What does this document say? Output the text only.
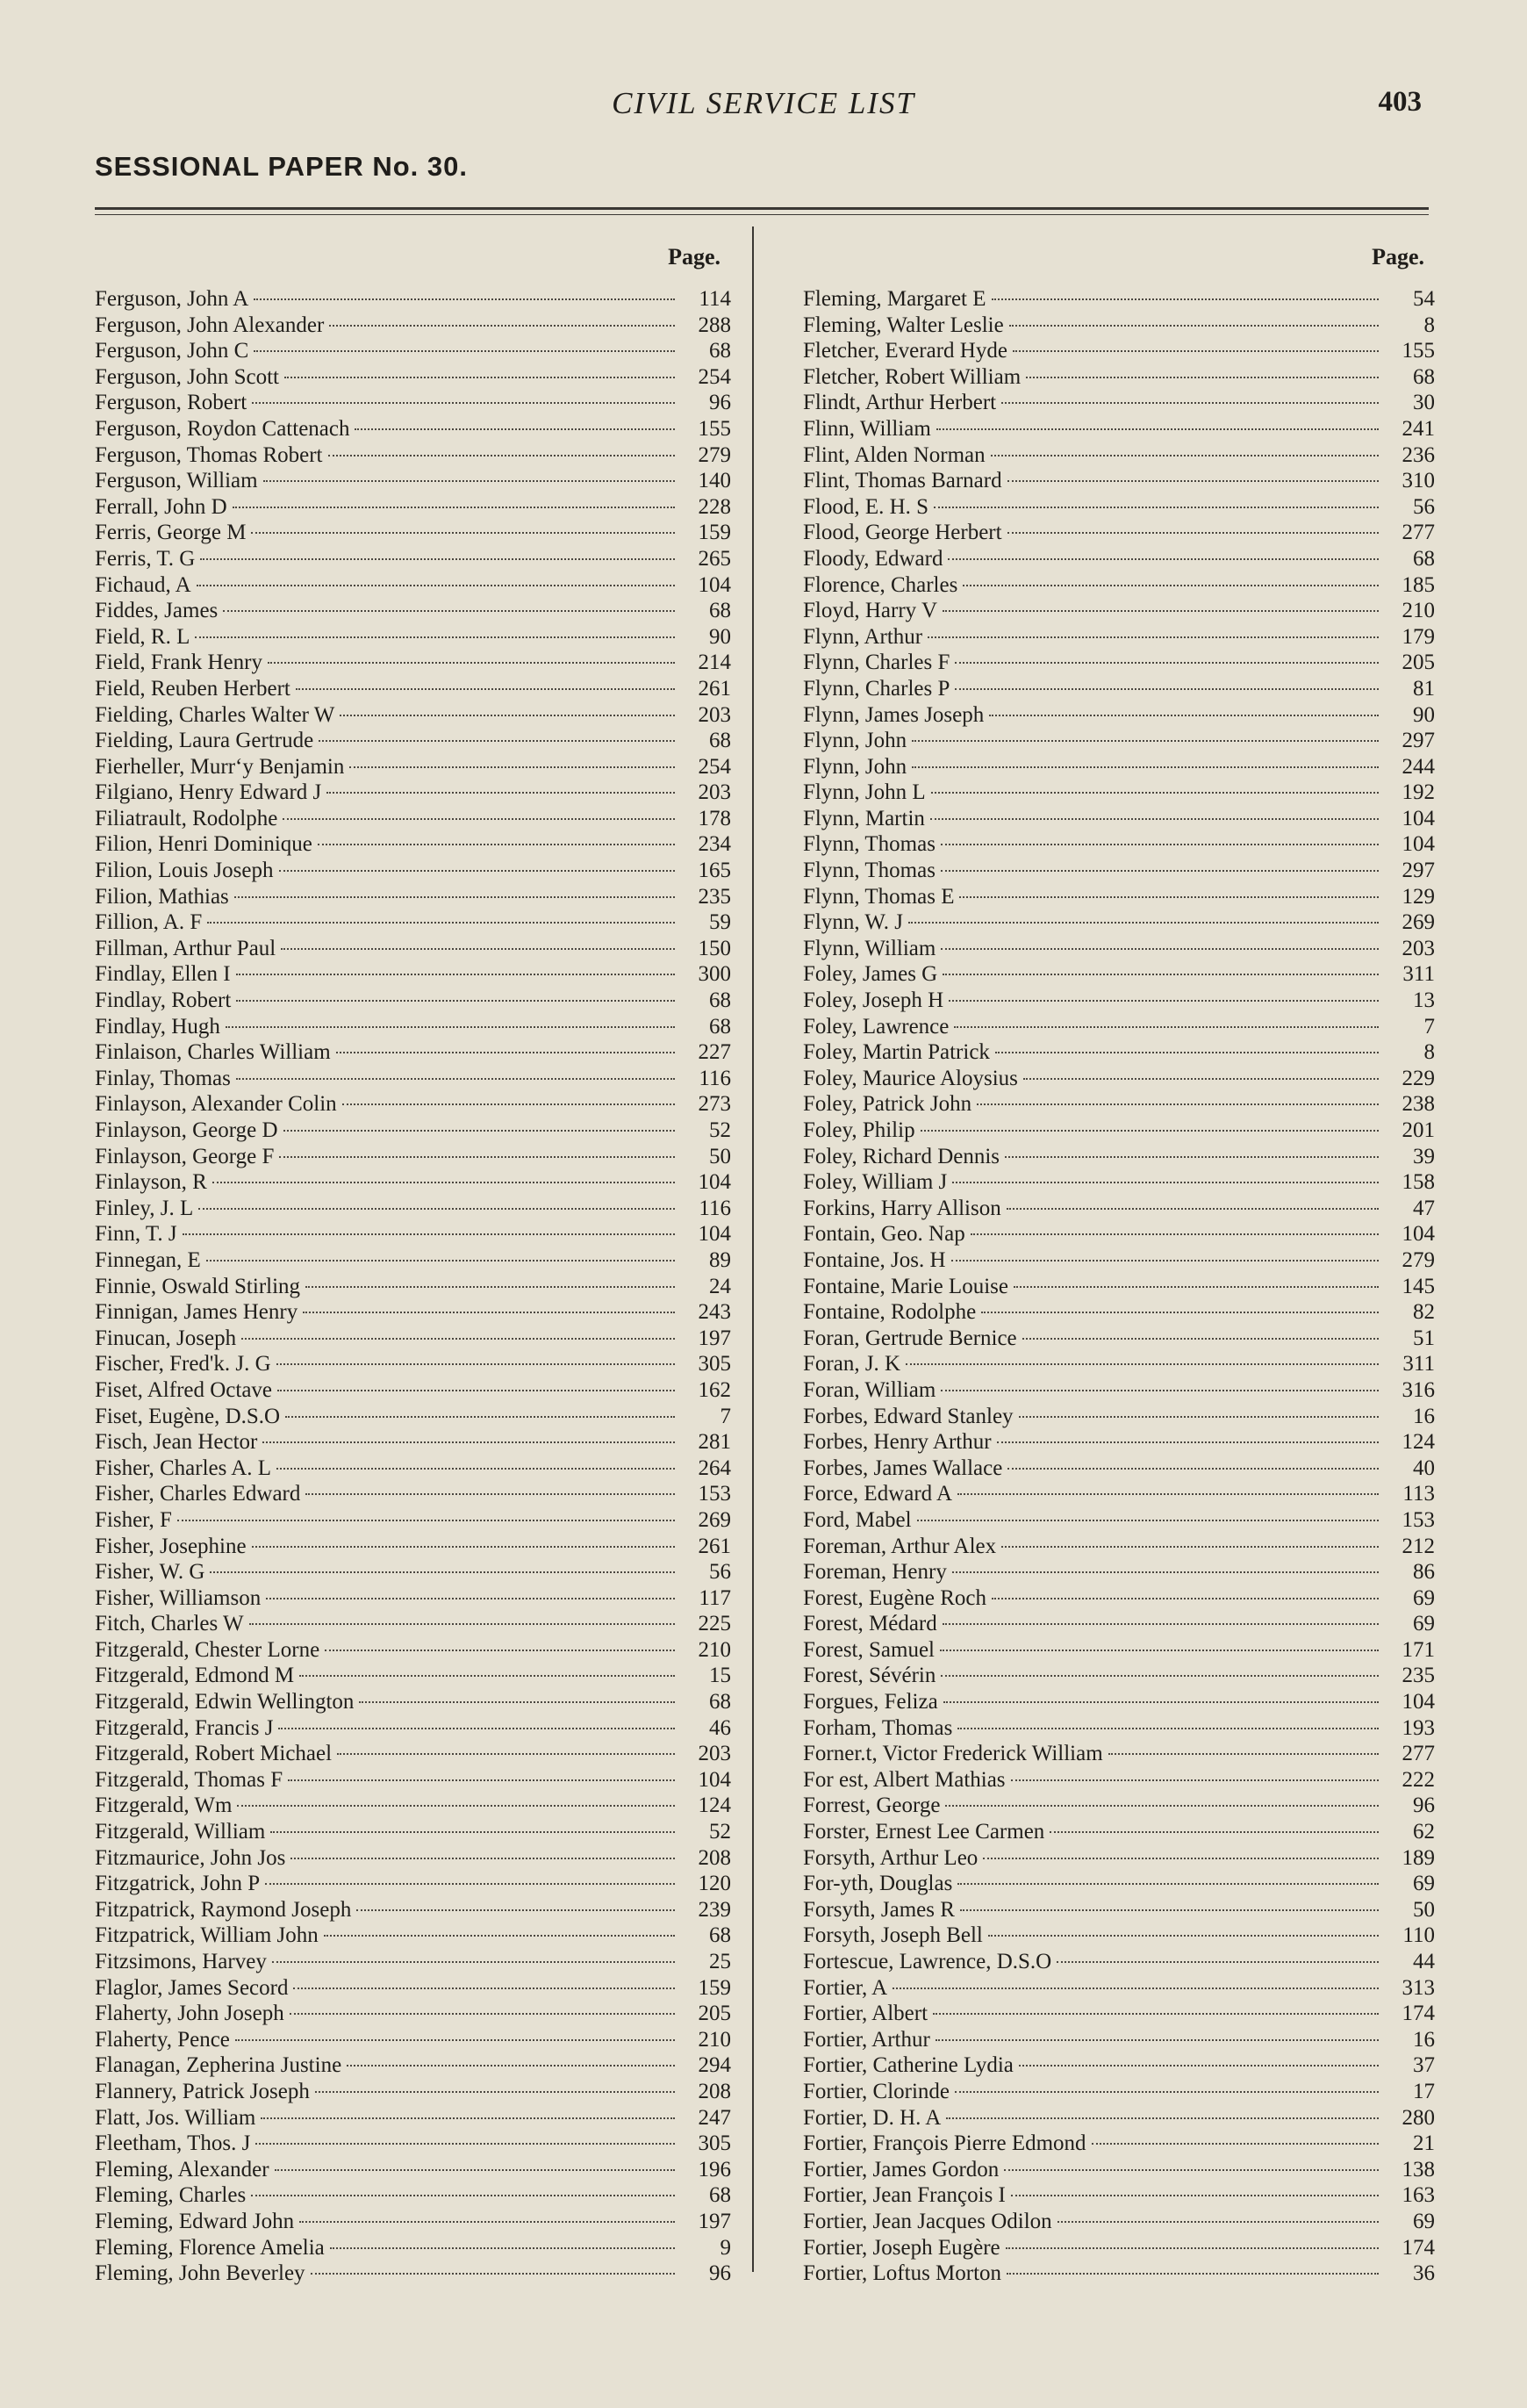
CIVIL SERVICE LIST	403
SESSIONAL PAPER No. 30.
Page.
Ferguson, John A	114
Ferguson, John Alexander	288
Ferguson, John C	68
Ferguson, John Scott	254
Ferguson, Robert	96
Ferguson, Roydon Cattenach	155
Ferguson, Thomas Robert	279
Ferguson, William	140
Ferrall, John D	228
Ferris, George M	159
Ferris, T. G	265
Fichaud, A	104
Fiddes, James	68
Field, R. L	90
Field, Frank Henry	214
Field, Reuben Herbert	261
Fielding, Charles Walter W	203
Fielding, Laura Gertrude	68
Fierheller, Murr‘y Benjamin	254
Filgiano, Henry Edward J	203
Filiatrault, Rodolphe	178
Filion, Henri Dominique	234
Filion, Louis Joseph	165
Filion, Mathias	235
Fillion, A. F	59
Fillman, Arthur Paul	150
Findlay, Ellen I	300
Findlay, Robert	68
Findlay, Hugh	68
Finlaison, Charles William	227
Finlay, Thomas	116
Finlayson, Alexander Colin	273
Finlayson, George D	52
Finlayson, George F	50
Finlayson, R	104
Finley, J. L	116
Finn, T. J	104
Finnegan, E	89
Finnie, Oswald Stirling	24
Finnigan, James Henry	243
Finucan, Joseph	197
Fischer, Fred'k. J. G	305
Fiset, Alfred Octave	162
Fiset, Eugène, D.S.O	7
Fisch, Jean Hector	281
Fisher, Charles A. L	264
Fisher, Charles Edward	153
Fisher, F	269
Fisher, Josephine	261
Fisher, W. G	56
Fisher, Williamson	117
Fitch, Charles W	225
Fitzgerald, Chester Lorne	210
Fitzgerald, Edmond M	15
Fitzgerald, Edwin Wellington	68
Fitzgerald, Francis J	46
Fitzgerald, Robert Michael	203
Fitzgerald, Thomas F	104
Fitzgerald, Wm	124
Fitzgerald, William	52
Fitzmaurice, John Jos	208
Fitzgatrick, John P	120
Fitzpatrick, Raymond Joseph	239
Fitzpatrick, William John	68
Fitzsimons, Harvey	25
Flaglor, James Secord	159
Flaherty, John Joseph	205
Flaherty, Pence	210
Flanagan, Zepherina Justine	294
Flannery, Patrick Joseph	208
Flatt, Jos. William	247
Fleetham, Thos. J	305
Fleming, Alexander	196
Fleming, Charles	68
Fleming, Edward John	197
Fleming, Florence Amelia	9
Fleming, John Beverley	96
Page.
Fleming, Margaret E	54
Fleming, Walter Leslie	8
Fletcher, Everard Hyde	155
Fletcher, Robert William	68
Flindt, Arthur Herbert	30
Flinn, William	241
Flint, Alden Norman	236
Flint, Thomas Barnard	310
Flood, E. H. S	56
Flood, George Herbert	277
Floody, Edward	68
Florence, Charles	185
Floyd, Harry V	210
Flynn, Arthur	179
Flynn, Charles F	205
Flynn, Charles P	81
Flynn, James Joseph	90
Flynn, John	297
Flynn, John	244
Flynn, John L	192
Flynn, Martin	104
Flynn, Thomas	104
Flynn, Thomas	297
Flynn, Thomas E	129
Flynn, W. J	269
Flynn, William	203
Foley, James G	311
Foley, Joseph H	13
Foley, Lawrence	7
Foley, Martin Patrick	8
Foley, Maurice Aloysius	229
Foley, Patrick John	238
Foley, Philip	201
Foley, Richard Dennis	39
Foley, William J	158
Forkins, Harry Allison	47
Fontain, Geo. Nap	104
Fontaine, Jos. H	279
Fontaine, Marie Louise	145
Fontaine, Rodolphe	82
Foran, Gertrude Bernice	51
Foran, J. K	311
Foran, William	316
Forbes, Edward Stanley	16
Forbes, Henry Arthur	124
Forbes, James Wallace	40
Force, Edward A	113
Ford, Mabel	153
Foreman, Arthur Alex	212
Foreman, Henry	86
Forest, Eugène Roch	69
Forest, Médard	69
Forest, Samuel	171
Forest, Sévérin	235
Forgues, Feliza	104
Forham, Thomas	193
Forner.t, Victor Frederick William	277
For est, Albert Mathias	222
Forrest, George	96
Forster, Ernest Lee Carmen	62
Forsyth, Arthur Leo	189
For-yth, Douglas	69
Forsyth, James R	50
Forsyth, Joseph Bell	110
Fortescue, Lawrence, D.S.O	44
Fortier, A	313
Fortier, Albert	174
Fortier, Arthur	16
Fortier, Catherine Lydia	37
Fortier, Clorinde	17
Fortier, D. H. A	280
Fortier, François Pierre Edmond	21
Fortier, James Gordon	138
Fortier, Jean François I	163
Fortier, Jean Jacques Odilon	69
Fortier, Joseph Eugère	174
Fortier, Loftus Morton	36
